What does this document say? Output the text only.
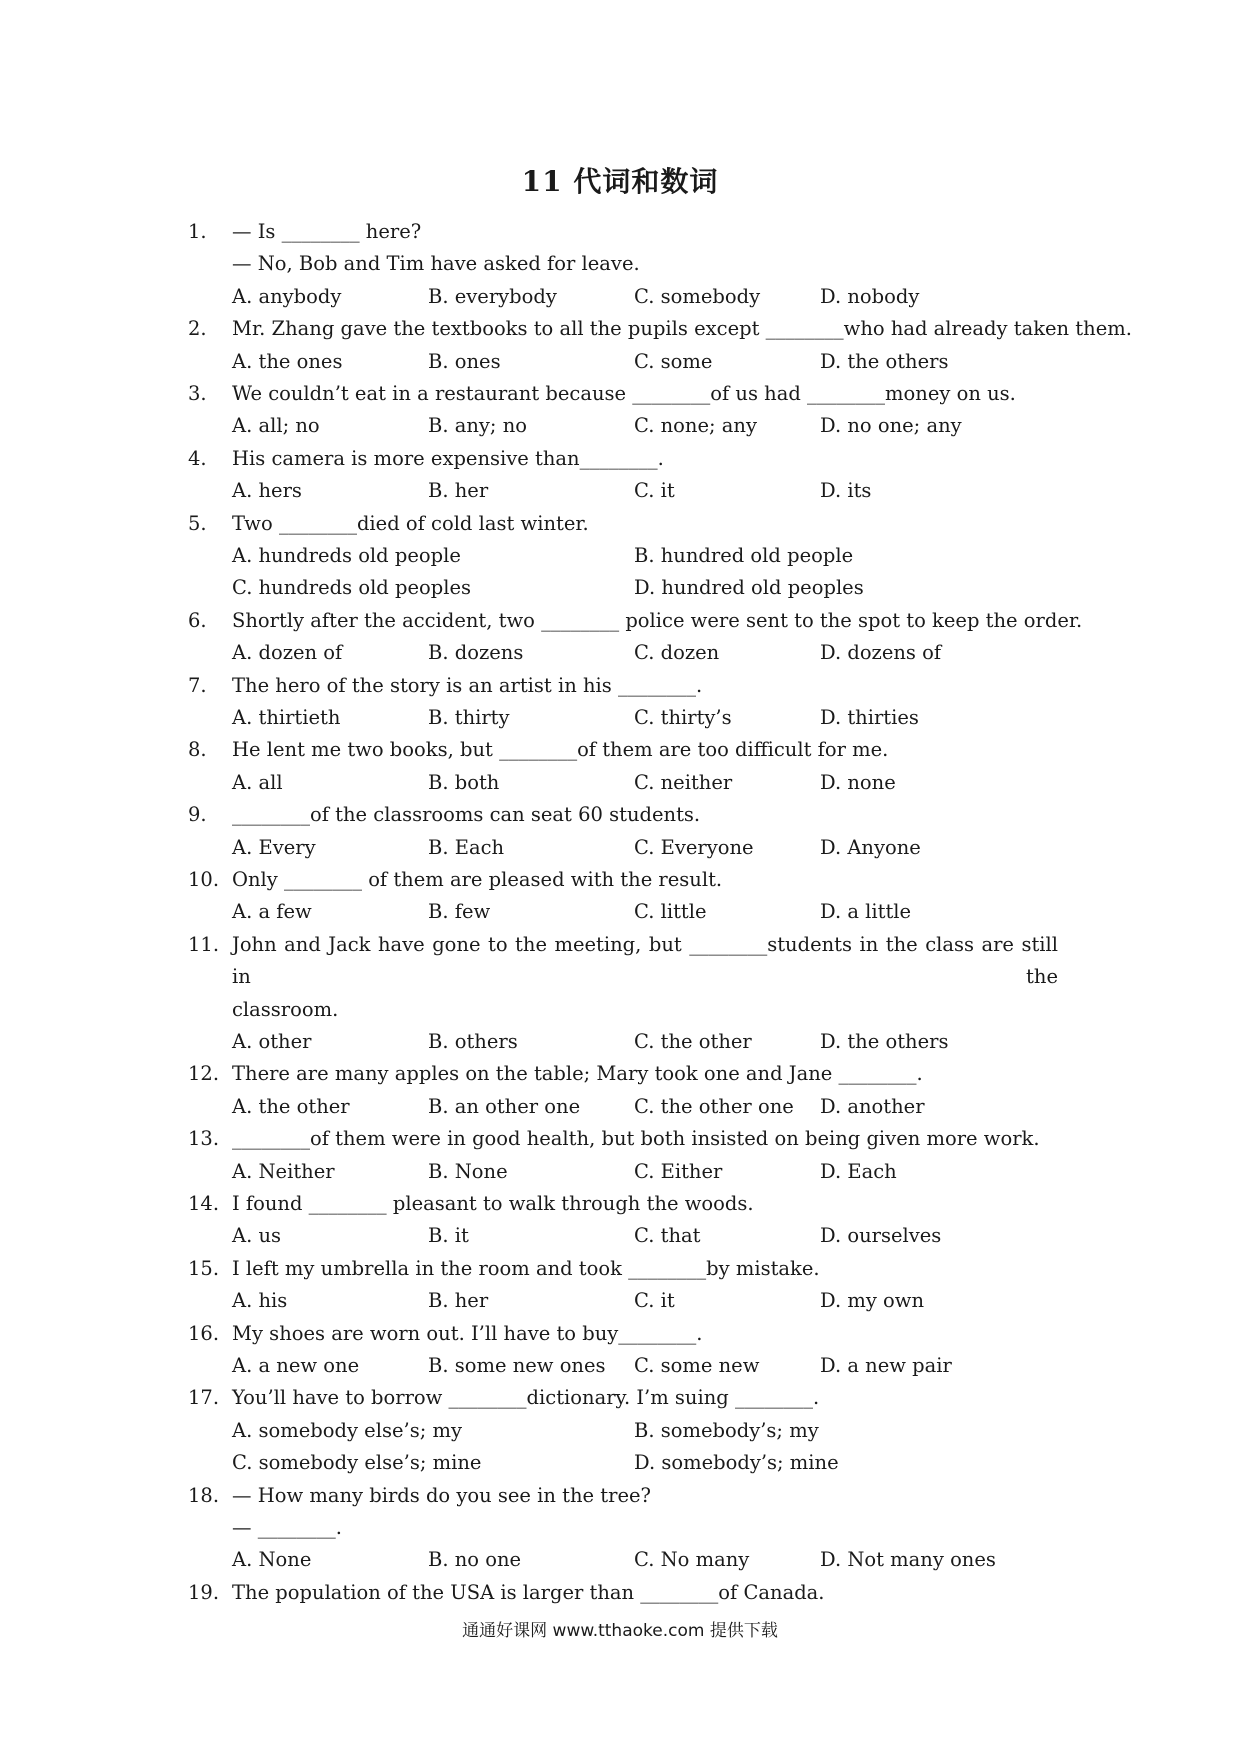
11 代词和数词
1.	— Is ________ here?
— No, Bob and Tim have asked for leave.
A. anybody	B. everybody	C. somebody	D. nobody
2.	Mr. Zhang gave the textbooks to all the pupils except ________who had already taken them.
A. the ones	B. ones	C. some	D. the others
3.	We couldn’t eat in a restaurant because ________of us had ________money on us.
A. all; no	B. any; no	C. none; any	D. no one; any
4.	His camera is more expensive than________.
A. hers	B. her	C. it	D. its
5.	Two ________died of cold last winter.
A. hundreds old people	B. hundred old people
C. hundreds old peoples	D. hundred old peoples
6.	Shortly after the accident, two ________ police were sent to the spot to keep the order.
A. dozen of	B. dozens	C. dozen	D. dozens of
7.	The hero of the story is an artist in his ________.
A. thirtieth	B. thirty	C. thirty’s	D. thirties
8.	He lent me two books, but ________of them are too difficult for me.
A. all	B. both	C. neither	D. none
9.	________of the classrooms can seat 60 students.
A. Every	B. Each	C. Everyone	D. Anyone
10. Only ________ of them are pleased with the result.
A. a few	B. few	C. little	D. a little
11. John and Jack have gone to the meeting, but ________students in the class are still in the
classroom.
A. other	B. others	C. the other	D. the others
12. There are many apples on the table; Mary took one and Jane ________.
A. the other	B. an other one	C. the other one D. another
13. ________of them were in good health, but both insisted on being given more work.
A. Neither	B. None	C. Either	D. Each
14. I found ________ pleasant to walk through the woods.
A. us	B. it	C. that	D. ourselves
15. I left my umbrella in the room and took ________by mistake.
A. his	B. her	C. it	D. my own
16. My shoes are worn out. I’ll have to buy________.
A. a new one	B. some new ones C. some new	D. a new pair
17. You’ll have to borrow ________dictionary. I’m suing ________.
A. somebody else’s; my	B. somebody’s; my
C. somebody else’s; mine	D. somebody’s; mine
18. — How many birds do you see in the tree?
— ________.
A. None	B. no one	C. No many	D. Not many ones
19. The population of the USA is larger than ________of Canada.
通通好课网 www.tthaoke.com 提供下载
